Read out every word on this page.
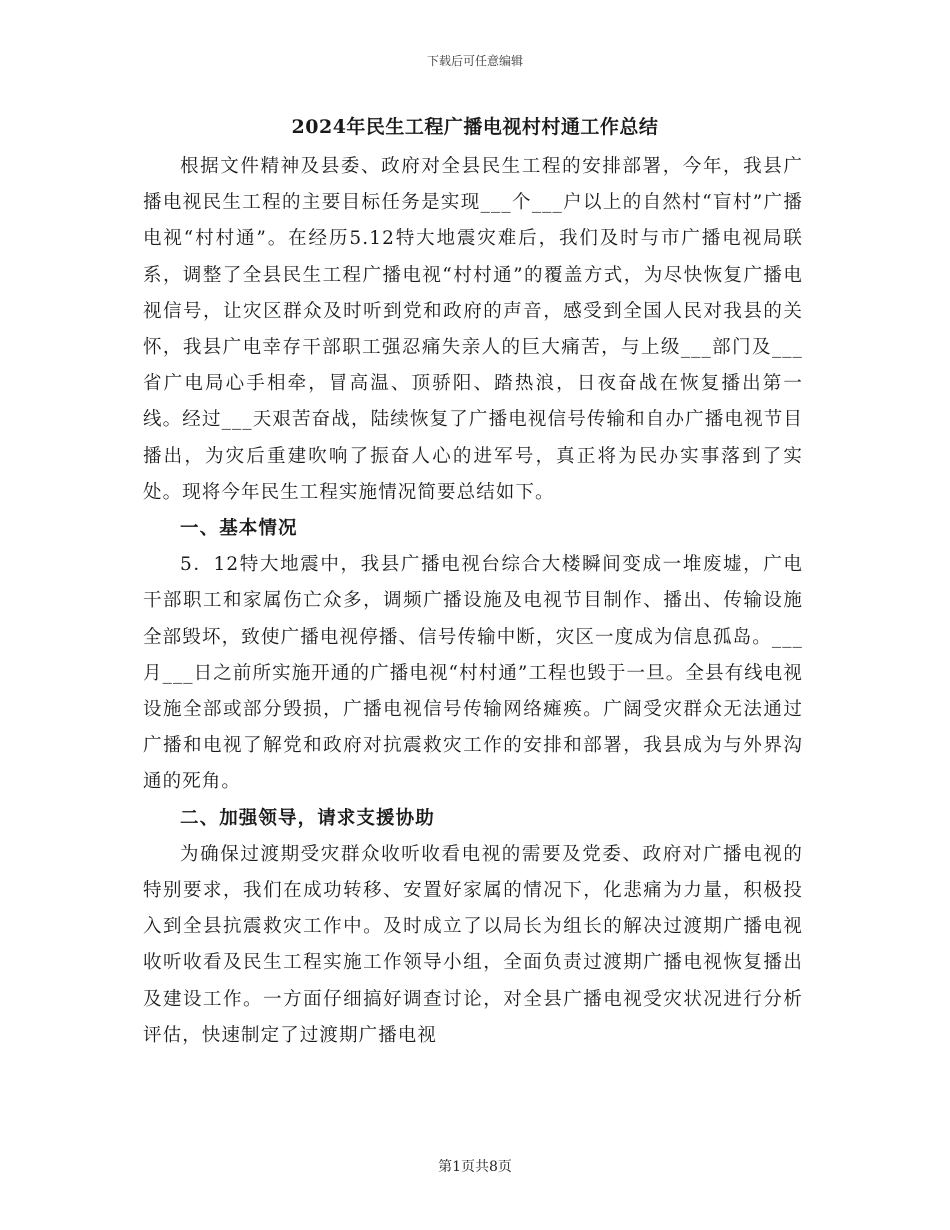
下载后可任意编辑
2024年民生工程广播电视村村通工作总结

根据文件精神及县委、政府对全县民生工程的安排部署，今年，我县广播电视民生工程的主要目标任务是实现___个___户以上的自然村“盲村”广播电视“村村通”。在经历5.12特大地震灾难后，我们及时与市广播电视局联系，调整了全县民生工程广播电视“村村通”的覆盖方式，为尽快恢复广播电视信号，让灾区群众及时听到党和政府的声音，感受到全国人民对我县的关怀，我县广电幸存干部职工强忍痛失亲人的巨大痛苦，与上级___部门及___省广电局心手相牵，冒高温、顶骄阳、踏热浪，日夜奋战在恢复播出第一线。经过___天艰苦奋战，陆续恢复了广播电视信号传输和自办广播电视节目播出，为灾后重建吹响了振奋人心的进军号，真正将为民办实事落到了实处。现将今年民生工程实施情况简要总结如下。

一、基本情况

5．12特大地震中，我县广播电视台综合大楼瞬间变成一堆废墟，广电干部职工和家属伤亡众多，调频广播设施及电视节目制作、播出、传输设施全部毁坏，致使广播电视停播、信号传输中断，灾区一度成为信息孤岛。___月___日之前所实施开通的广播电视“村村通”工程也毁于一旦。全县有线电视设施全部或部分毁损，广播电视信号传输网络瘫痪。广阔受灾群众无法通过广播和电视了解党和政府对抗震救灾工作的安排和部署，我县成为与外界沟通的死角。

二、加强领导，请求支援协助

为确保过渡期受灾群众收听收看电视的需要及党委、政府对广播电视的特别要求，我们在成功转移、安置好家属的情况下，化悲痛为力量，积极投入到全县抗震救灾工作中。及时成立了以局长为组长的解决过渡期广播电视收听收看及民生工程实施工作领导小组，全面负责过渡期广播电视恢复播出及建设工作。一方面仔细搞好调查讨论，对全县广播电视受灾状况进行分析评估，快速制定了过渡期广播电视

第1页共8页
